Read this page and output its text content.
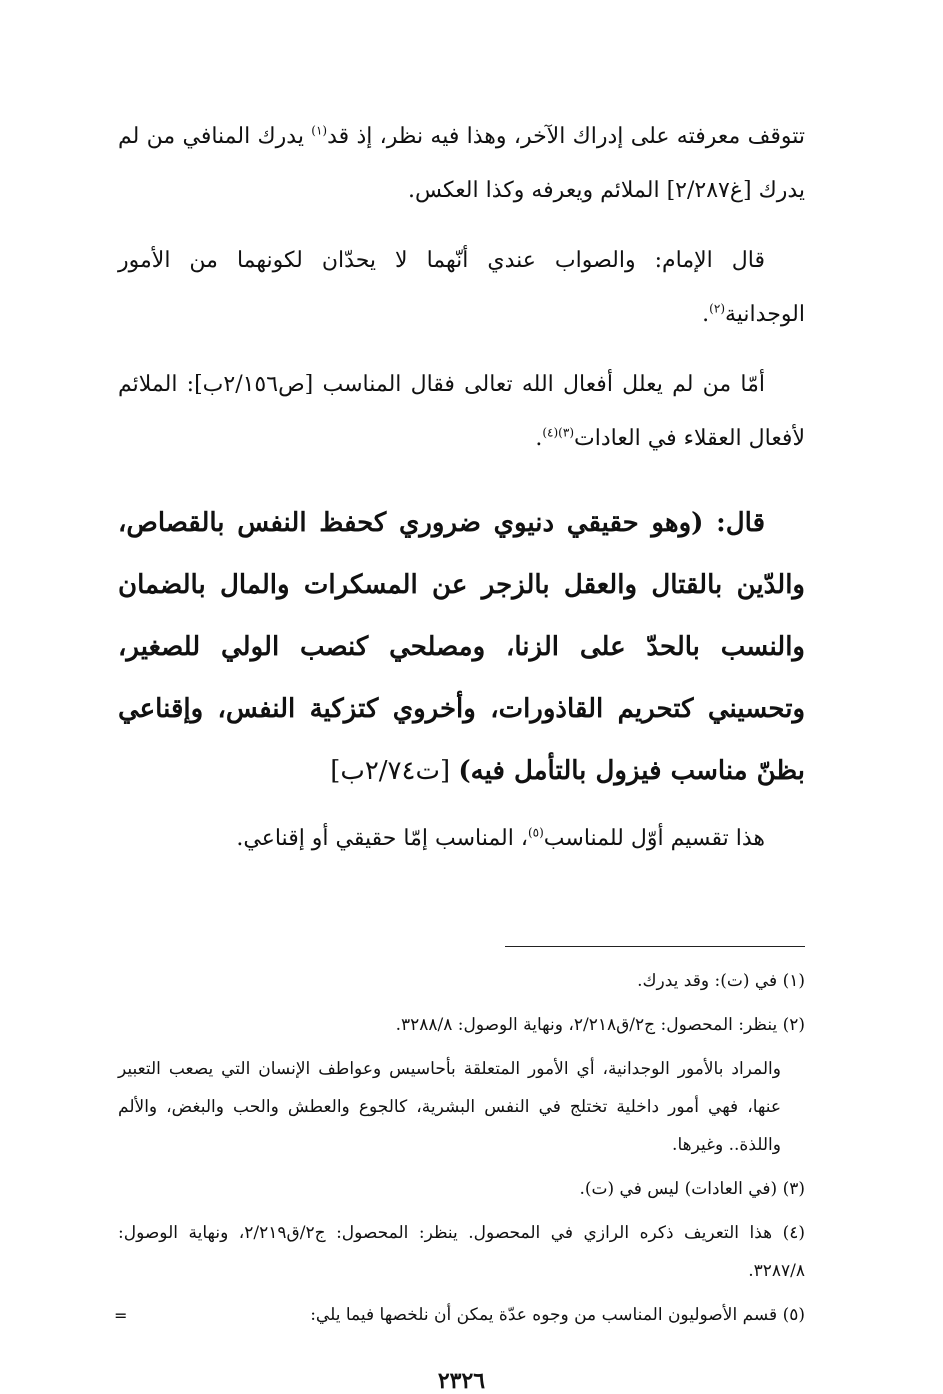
تتوقف معرفته على إدراك الآخر، وهذا فيه نظر، إذ قد$^{(١)}$ يدرك المنافي من لم يدرك [غ٢/٢٨٧] الملائم ويعرفه وكذا العكس.

قال الإمام: والصواب عندي أنّهما لا يحدّان لكونهما من الأمور الوجدانية$^{(٢)}$.

أمّا من لم يعلل أفعال الله تعالى فقال المناسب [ص٢/١٥٦ب]: الملائم لأفعال العقلاء في العادات$^{(٣)(٤)}$.

قال: (وهو حقيقي دنيوي ضروري كحفظ النفس بالقصاص، والدّين بالقتال والعقل بالزجر عن المسكرات والمال بالضمان والنسب بالحدّ على الزنا، ومصلحي كنصب الولي للصغير، وتحسيني كتحريم القاذورات، وأخروي كتزكية النفس، وإقناعي بظنّ مناسب فيزول بالتأمل فيه) [ت٢/٧٤ب]

هذا تقسيم أوّل للمناسب$^{(٥)}$، المناسب إمّا حقيقي أو إقناعي.

(١) في (ت): وقد يدرك.

(٢) ينظر: المحصول: ج٢/ق٢/٢١٨، ونهاية الوصول: ٣٢٨٨/٨.

والمراد بالأمور الوجدانية، أي الأمور المتعلقة بأحاسيس وعواطف الإنسان التي يصعب التعبير عنها، فهي أمور داخلية تختلج في النفس البشرية، كالجوع والعطش والحب والبغض، والألم واللذة.. وغيرها.

(٣) (في العادات) ليس في (ت).

(٤) هذا التعريف ذكره الرازي في المحصول. ينظر: المحصول: ج٢/ق٢/٢١٩، ونهاية الوصول: ٣٢٨٧/٨.

(٥) قسم الأصوليون المناسب من وجوه عدّة يمكن أن نلخصها فيما يلي:

=
٢٣٢٦
